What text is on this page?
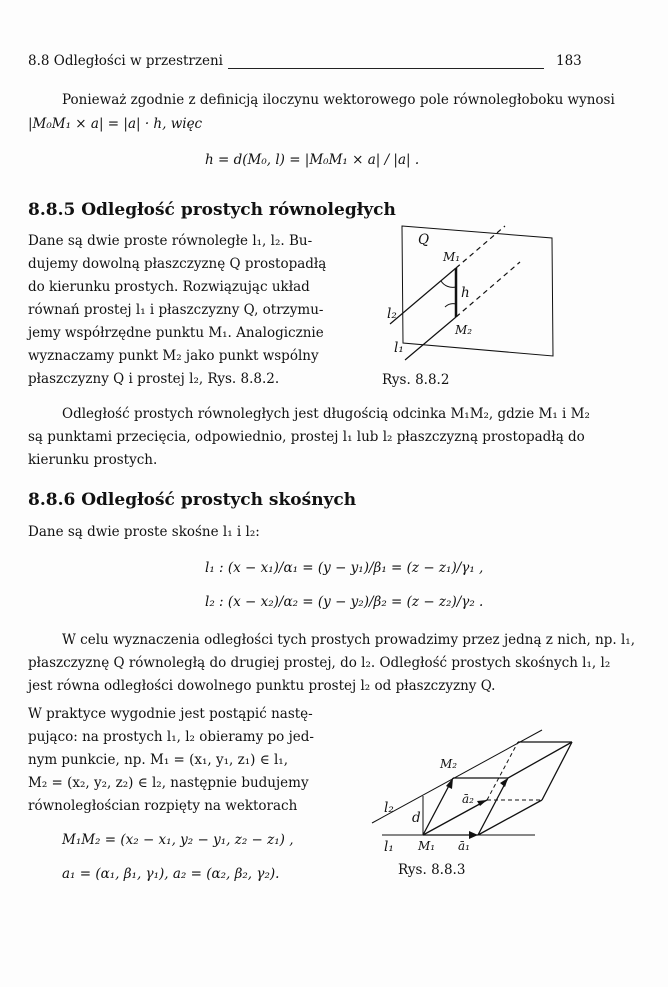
8.8 Odległości w przestrzeni	183
Ponieważ zgodnie z definicją iloczynu wektorowego pole równoległoboku wynosi
|M₀M₁ × a| = |a| · h, więc
h = d(M₀, l) = |M₀M₁ × a| / |a| .
8.8.5 Odległość prostych równoległych
Dane są dwie proste równoległe l₁, l₂. Bu-
dujemy dowolną płaszczyznę Q prostopadłą
do kierunku prostych. Rozwiązując układ
równań prostej l₁ i płaszczyzny Q, otrzymu-
jemy współrzędne punktu M₁. Analogicznie
wyznaczamy punkt M₂ jako punkt wspólny
płaszczyzny Q i prostej l₂, Rys. 8.8.2.
Q
M₁
h
M₂
l₂
l₁
Rys. 8.8.2
Odległość prostych równoległych jest długością odcinka M₁M₂, gdzie M₁ i M₂
są punktami przecięcia, odpowiednio, prostej l₁ lub l₂ płaszczyzną prostopadłą do
kierunku prostych.
8.8.6 Odległość prostych skośnych
Dane są dwie proste skośne l₁ i l₂:
l₁ : (x − x₁)/α₁ = (y − y₁)/β₁ = (z − z₁)/γ₁ ,
l₂ : (x − x₂)/α₂ = (y − y₂)/β₂ = (z − z₂)/γ₂ .
W celu wyznaczenia odległości tych prostych prowadzimy przez jedną z nich, np. l₁,
płaszczyznę Q równoległą do drugiej prostej, do l₂. Odległość prostych skośnych l₁, l₂
jest równa odległości dowolnego punktu prostej l₂ od płaszczyzny Q.
W praktyce wygodnie jest postąpić nastę-
pująco: na prostych l₁, l₂ obieramy po jed-
nym punkcie, np. M₁ = (x₁, y₁, z₁) ∈ l₁,
M₂ = (x₂, y₂, z₂) ∈ l₂, następnie budujemy
równoległościan rozpięty na wektorach
M₁M₂ = (x₂ − x₁, y₂ − y₁, z₂ − z₁) ,
a₁ = (α₁, β₁, γ₁), a₂ = (α₂, β₂, γ₂).
M₂
ā₂
l₂
d
l₁ M₁ ā₁
Rys. 8.8.3
